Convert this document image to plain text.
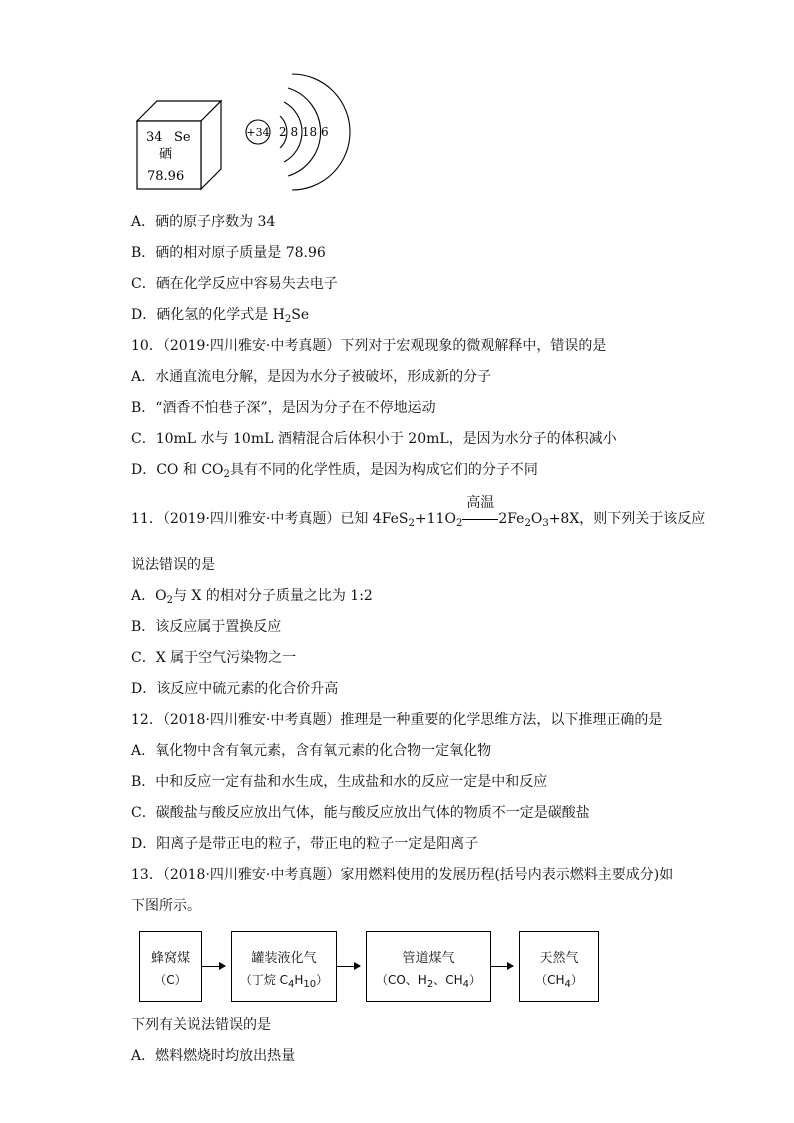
34 Se
硒
78.96
+34 2 8 18 6
A．硒的原子序数为 34
B．硒的相对原子质量是 78.96
C．硒在化学反应中容易失去电子
D．硒化氢的化学式是 $H_2Se$
10．（2019·四川雅安·中考真题）下列对于宏观现象的微观解释中，错误的是
A．水通直流电分解，是因为水分子被破坏，形成新的分子
B．“酒香不怕巷子深”，是因为分子在不停地运动
C．10mL 水与 10mL 酒精混合后体积小于 20mL，是因为水分子的体积减小
D．CO 和 $CO_2$具有不同的化学性质，是因为构成它们的分子不同
11．（2019·四川雅安·中考真题）已知 $4FeS_2+11O_2$
高温
$2Fe_2O_3+8X$，则下列关于该反应
说法错误的是
A．$O_2$与 X 的相对分子质量之比为 1:2
B．该反应属于置换反应
C．X 属于空气污染物之一
D．该反应中硫元素的化合价升高
12．（2018·四川雅安·中考真题）推理是一种重要的化学思维方法，以下推理正确的是
A．氧化物中含有氧元素，含有氧元素的化合物一定氧化物
B．中和反应一定有盐和水生成，生成盐和水的反应一定是中和反应
C．碳酸盐与酸反应放出气体，能与酸反应放出气体的物质不一定是碳酸盐
D．阳离子是带正电的粒子，带正电的粒子一定是阳离子
13．（2018·四川雅安·中考真题）家用燃料使用的发展历程(括号内表示燃料主要成分)如
下图所示。
蜂窝煤
（C）
罐装液化气
（丁烷 $C_4H_{10}$）
管道煤气
（CO、$H_2$、$CH_4$）
天然气
$(CH_4)$
下列有关说法错误的是
A．燃料燃烧时均放出热量
